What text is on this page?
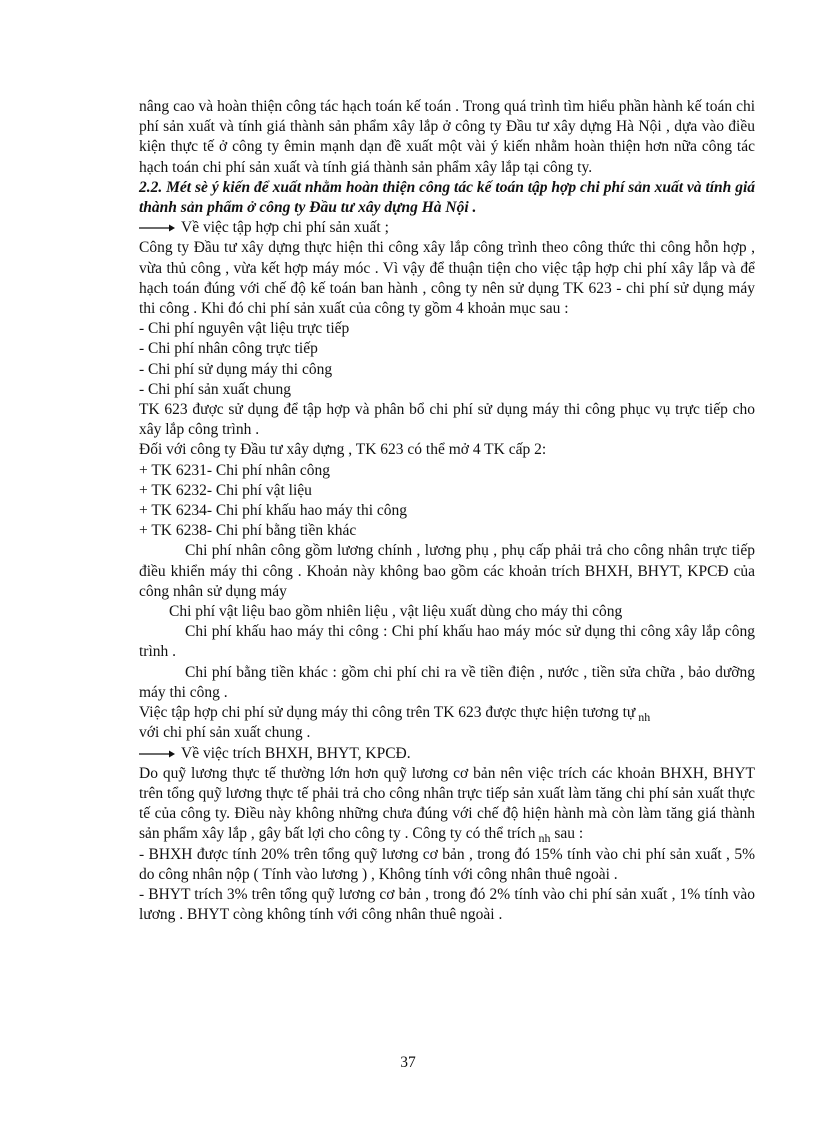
nâng cao và hoàn thiện công tác hạch toán kế toán . Trong quá trình tìm hiểu phần hành kế toán chi phí sản xuất và tính giá thành sản phẩm xây lắp ở công ty Đầu tư xây dựng Hà Nội , dựa vào điều kiện thực tế ở công ty êmin mạnh dạn đề xuất một vài ý kiến nhằm hoàn thiện hơn nữa công tác hạch toán chi phí sản xuất và tính giá thành sản phẩm xây lắp tại công ty.

2.2. Mét sè ý kiến để xuất nhằm hoàn thiện công tác kế toán tập hợp chi phí sản xuất và tính giá thành sản phẩm ở công ty Đầu tư xây dựng Hà Nội .

Về việc tập hợp chi phí sản xuất ;

Công ty Đầu tư xây dựng thực hiện thi công xây lắp công trình theo công thức thi công hỗn hợp , vừa thủ công , vừa kết hợp máy móc . Vì vậy để thuận tiện cho việc tập hợp chi phí xây lắp và để hạch toán đúng với chế độ kế toán ban hành , công ty nên sử dụng TK 623 - chi phí sử dụng máy thi công . Khi đó chi phí sản xuất của công ty gồm 4 khoản mục sau :

- Chi phí nguyên vật liệu trực tiếp

- Chi phí nhân công trực tiếp

- Chi phí sử dụng máy thi công

- Chi phí sản xuất chung

TK 623 được sử dụng để tập hợp và phân bổ chi phí sử dụng máy thi công phục vụ trực tiếp cho xây lắp công trình .

Đối với công ty Đầu tư xây dựng , TK 623 có thể mở 4 TK cấp 2:

+ TK 6231- Chi phí nhân công

+ TK 6232- Chi phí vật liệu

+ TK 6234- Chi phí khấu hao máy thi công

+ TK 6238- Chi phí bằng tiền khác

Chi phí nhân công gồm lương chính , lương phụ , phụ cấp phải trả cho công nhân trực tiếp điều khiển máy thi công . Khoản này không bao gồm các khoản trích BHXH, BHYT, KPCĐ của công nhân sử dụng máy

Chi phí vật liệu bao gồm nhiên liệu , vật liệu xuất dùng cho máy thi công

Chi phí khấu hao máy thi công : Chi phí khấu hao máy móc sử dụng thi công xây lắp công trình .

Chi phí bằng tiền khác : gồm chi phí chi ra về tiền điện , nước , tiền sửa chữa , bảo dưỡng máy thi công .

Việc tập hợp chi phí sử dụng máy thi công trên TK 623 được thực hiện tương tự $_{nh}$

với chi phí sản xuất chung .

Về việc trích BHXH, BHYT, KPCĐ.

Do quỹ lương thực tế thường lớn hơn quỹ lương cơ bản nên việc trích các khoản BHXH, BHYT trên tổng quỹ lương thực tế phải trả cho công nhân trực tiếp sản xuất làm tăng chi phí sản xuất thực tế của công ty. Điều này không những chưa đúng với chế độ hiện hành mà còn làm tăng giá thành sản phẩm xây lắp , gây bất lợi cho công ty . Công ty có thể trích $_{nh}$ sau :

- BHXH được tính 20% trên tổng quỹ lương cơ bản , trong đó 15% tính vào chi phí sản xuất , 5% do công nhân nộp ( Tính vào lương ) , Không tính với công nhân thuê ngoài .

- BHYT trích 3% trên tổng quỹ lương cơ bản , trong đó 2% tính vào chi phí sản xuất , 1% tính vào lương . BHYT còng không tính với công nhân thuê ngoài .

37
